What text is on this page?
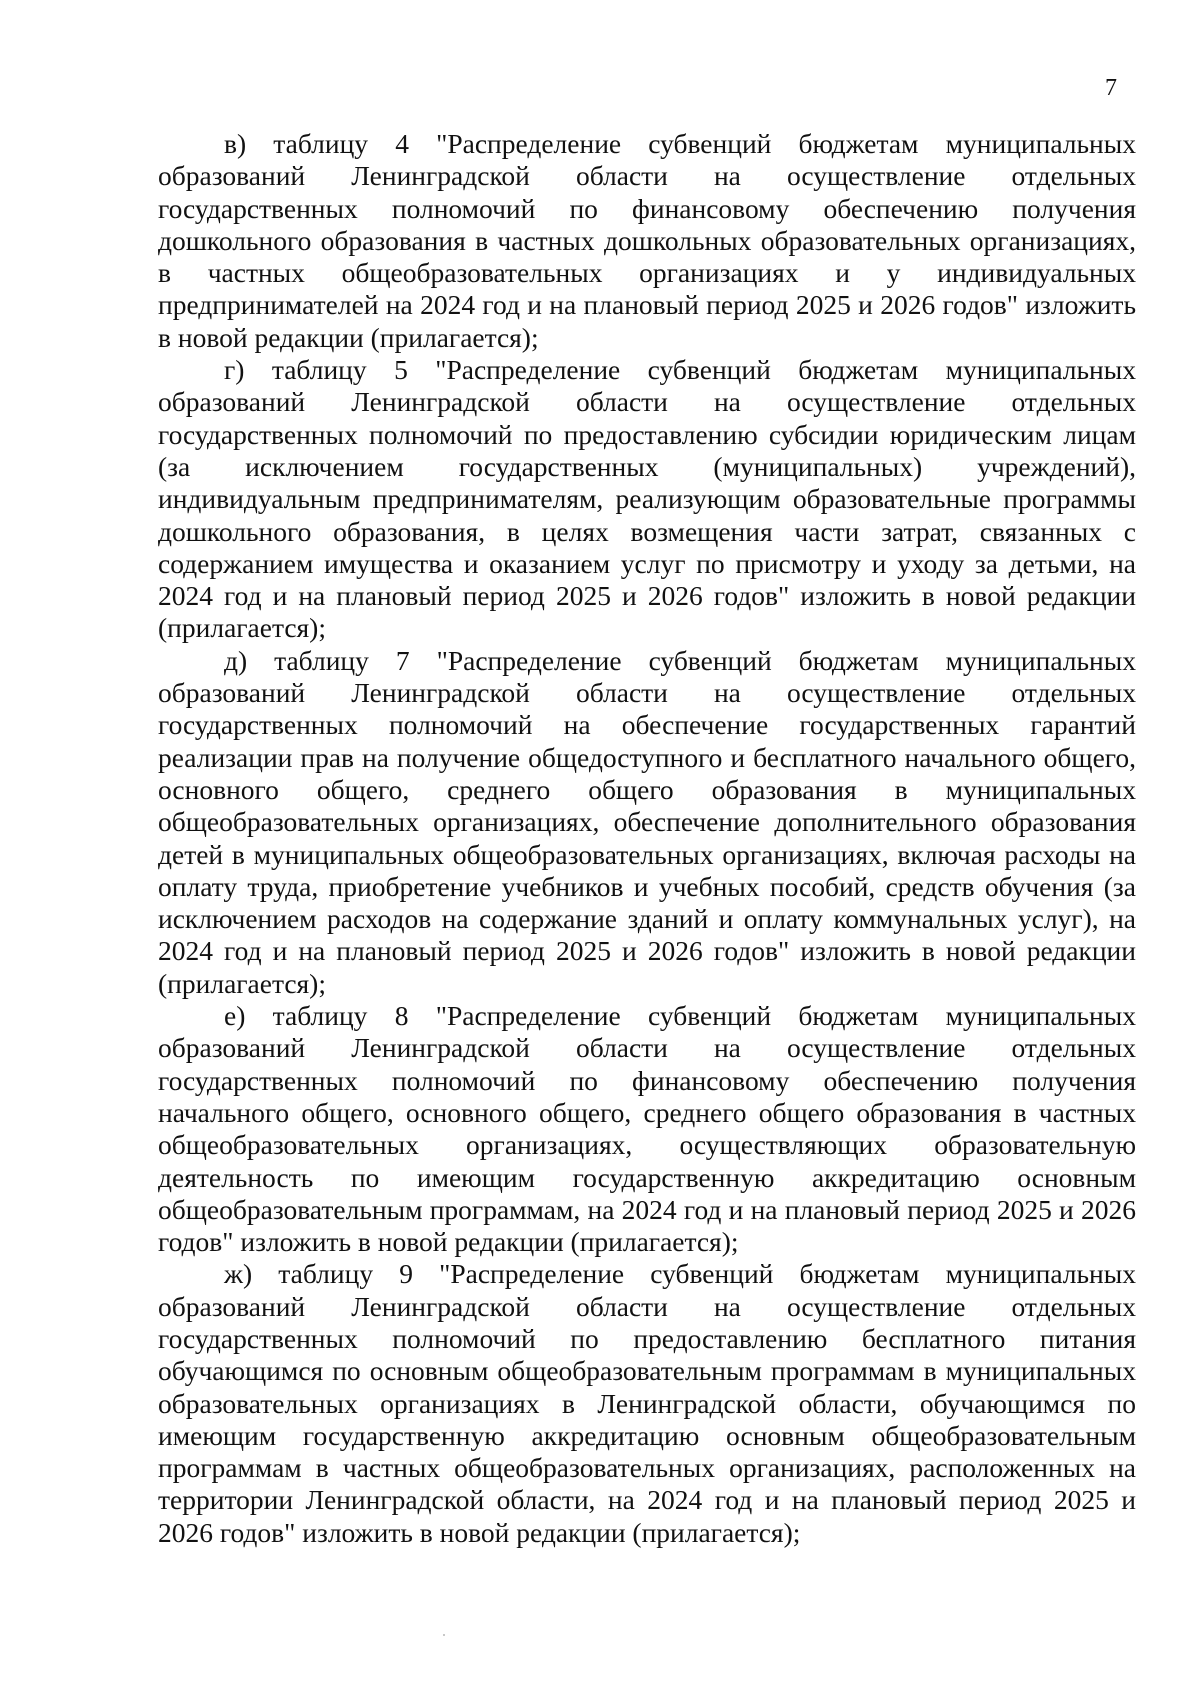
7

в) таблицу 4 "Распределение субвенций бюджетам муниципальных образований Ленинградской области на осуществление отдельных государственных полномочий по финансовому обеспечению получения дошкольного образования в частных дошкольных образовательных организациях, в частных общеобразовательных организациях и у индивидуальных предпринимателей на 2024 год и на плановый период 2025 и 2026 годов" изложить в новой редакции (прилагается);

г) таблицу 5 "Распределение субвенций бюджетам муниципальных образований Ленинградской области на осуществление отдельных государственных полномочий по предоставлению субсидии юридическим лицам (за исключением государственных (муниципальных) учреждений), индивидуальным предпринимателям, реализующим образовательные программы дошкольного образования, в целях возмещения части затрат, связанных с содержанием имущества и оказанием услуг по присмотру и уходу за детьми, на 2024 год и на плановый период 2025 и 2026 годов" изложить в новой редакции (прилагается);

д) таблицу 7 "Распределение субвенций бюджетам муниципальных образований Ленинградской области на осуществление отдельных государственных полномочий на обеспечение государственных гарантий реализации прав на получение общедоступного и бесплатного начального общего, основного общего, среднего общего образования в муниципальных общеобразовательных организациях, обеспечение дополнительного образования детей в муниципальных общеобразовательных организациях, включая расходы на оплату труда, приобретение учебников и учебных пособий, средств обучения (за исключением расходов на содержание зданий и оплату коммунальных услуг), на 2024 год и на плановый период 2025 и 2026 годов" изложить в новой редакции (прилагается);

е) таблицу 8 "Распределение субвенций бюджетам муниципальных образований Ленинградской области на осуществление отдельных государственных полномочий по финансовому обеспечению получения начального общего, основного общего, среднего общего образования в частных общеобразовательных организациях, осуществляющих образовательную деятельность по имеющим государственную аккредитацию основным общеобразовательным программам, на 2024 год и на плановый период 2025 и 2026 годов" изложить в новой редакции (прилагается);

ж) таблицу 9 "Распределение субвенций бюджетам муниципальных образований Ленинградской области на осуществление отдельных государственных полномочий по предоставлению бесплатного питания обучающимся по основным общеобразовательным программам в муниципальных образовательных организациях в Ленинградской области, обучающимся по имеющим государственную аккредитацию основным общеобразовательным программам в частных общеобразовательных организациях, расположенных на территории Ленинградской области, на 2024 год и на плановый период 2025 и 2026 годов" изложить в новой редакции (прилагается);
